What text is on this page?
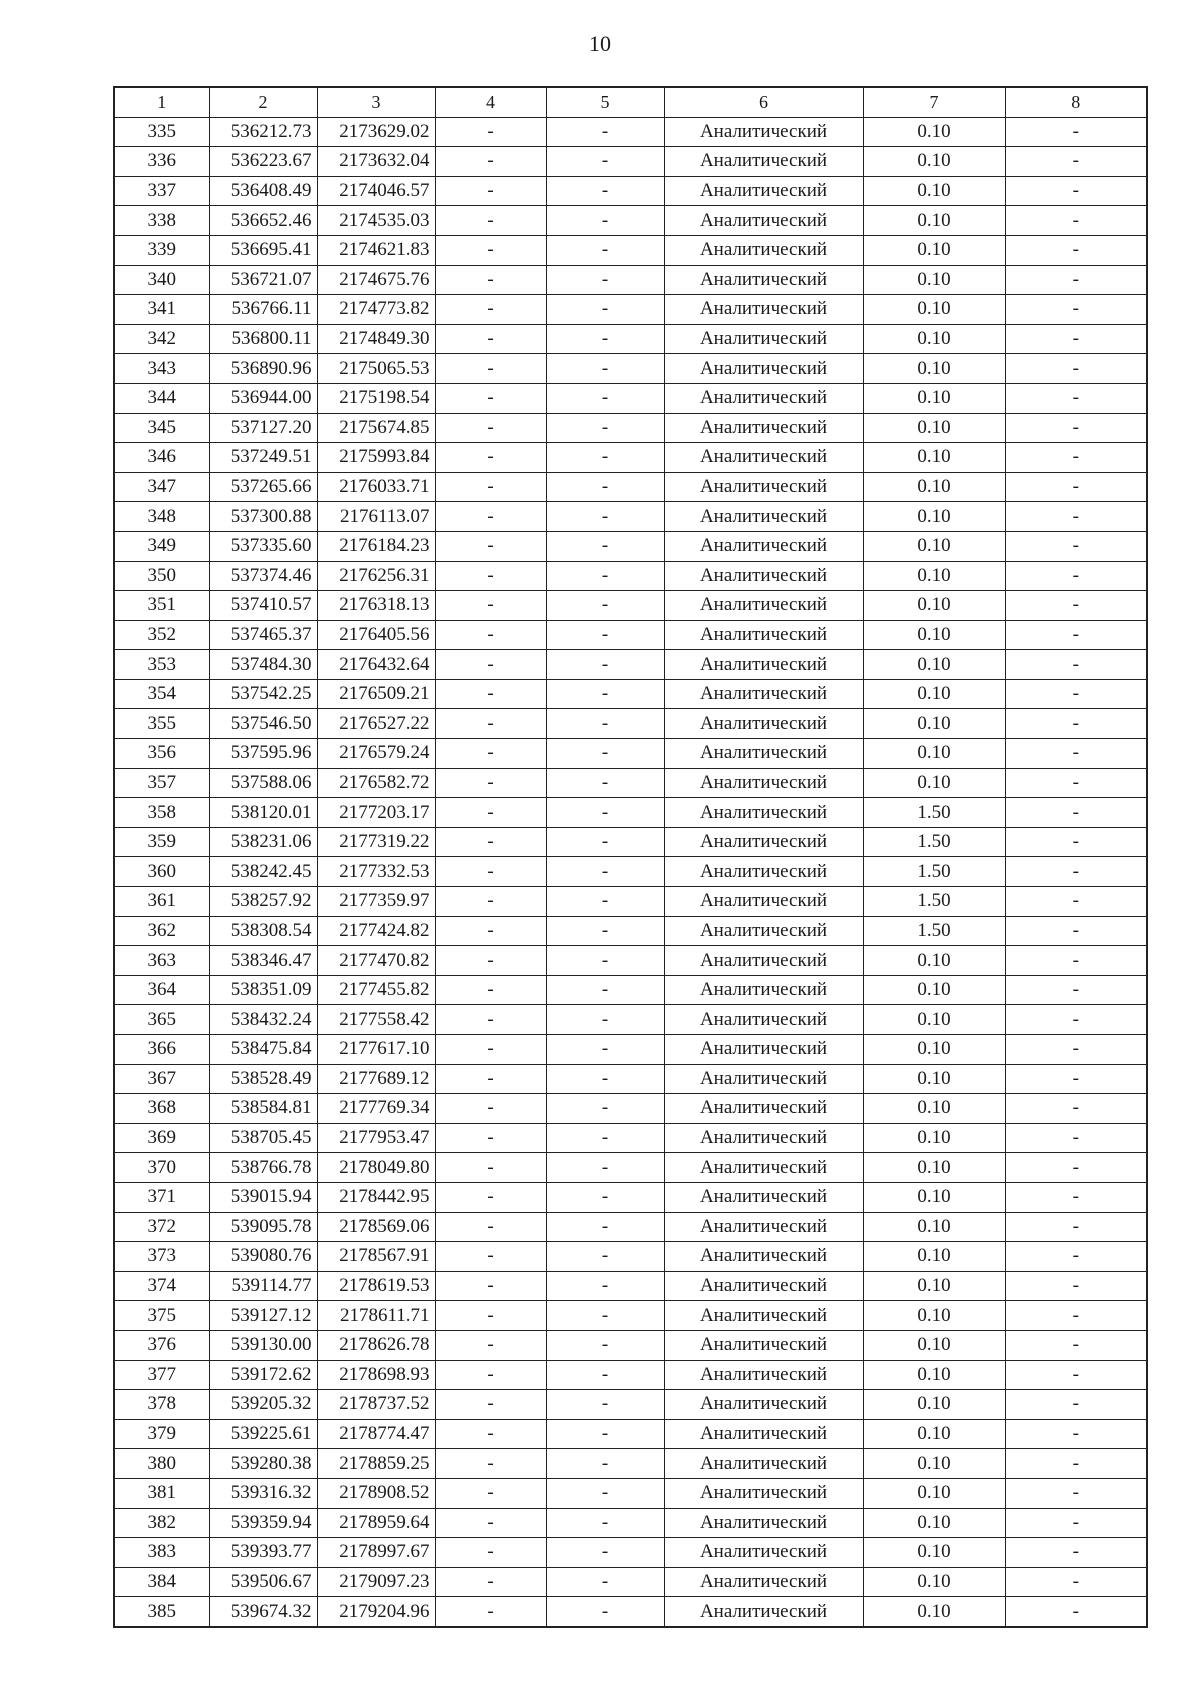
10
1	2	3	4	5	6	7	8
335	536212.73	2173629.02	-	-	Аналитический	0.10	-
336	536223.67	2173632.04	-	-	Аналитический	0.10	-
337	536408.49	2174046.57	-	-	Аналитический	0.10	-
338	536652.46	2174535.03	-	-	Аналитический	0.10	-
339	536695.41	2174621.83	-	-	Аналитический	0.10	-
340	536721.07	2174675.76	-	-	Аналитический	0.10	-
341	536766.11	2174773.82	-	-	Аналитический	0.10	-
342	536800.11	2174849.30	-	-	Аналитический	0.10	-
343	536890.96	2175065.53	-	-	Аналитический	0.10	-
344	536944.00	2175198.54	-	-	Аналитический	0.10	-
345	537127.20	2175674.85	-	-	Аналитический	0.10	-
346	537249.51	2175993.84	-	-	Аналитический	0.10	-
347	537265.66	2176033.71	-	-	Аналитический	0.10	-
348	537300.88	2176113.07	-	-	Аналитический	0.10	-
349	537335.60	2176184.23	-	-	Аналитический	0.10	-
350	537374.46	2176256.31	-	-	Аналитический	0.10	-
351	537410.57	2176318.13	-	-	Аналитический	0.10	-
352	537465.37	2176405.56	-	-	Аналитический	0.10	-
353	537484.30	2176432.64	-	-	Аналитический	0.10	-
354	537542.25	2176509.21	-	-	Аналитический	0.10	-
355	537546.50	2176527.22	-	-	Аналитический	0.10	-
356	537595.96	2176579.24	-	-	Аналитический	0.10	-
357	537588.06	2176582.72	-	-	Аналитический	0.10	-
358	538120.01	2177203.17	-	-	Аналитический	1.50	-
359	538231.06	2177319.22	-	-	Аналитический	1.50	-
360	538242.45	2177332.53	-	-	Аналитический	1.50	-
361	538257.92	2177359.97	-	-	Аналитический	1.50	-
362	538308.54	2177424.82	-	-	Аналитический	1.50	-
363	538346.47	2177470.82	-	-	Аналитический	0.10	-
364	538351.09	2177455.82	-	-	Аналитический	0.10	-
365	538432.24	2177558.42	-	-	Аналитический	0.10	-
366	538475.84	2177617.10	-	-	Аналитический	0.10	-
367	538528.49	2177689.12	-	-	Аналитический	0.10	-
368	538584.81	2177769.34	-	-	Аналитический	0.10	-
369	538705.45	2177953.47	-	-	Аналитический	0.10	-
370	538766.78	2178049.80	-	-	Аналитический	0.10	-
371	539015.94	2178442.95	-	-	Аналитический	0.10	-
372	539095.78	2178569.06	-	-	Аналитический	0.10	-
373	539080.76	2178567.91	-	-	Аналитический	0.10	-
374	539114.77	2178619.53	-	-	Аналитический	0.10	-
375	539127.12	2178611.71	-	-	Аналитический	0.10	-
376	539130.00	2178626.78	-	-	Аналитический	0.10	-
377	539172.62	2178698.93	-	-	Аналитический	0.10	-
378	539205.32	2178737.52	-	-	Аналитический	0.10	-
379	539225.61	2178774.47	-	-	Аналитический	0.10	-
380	539280.38	2178859.25	-	-	Аналитический	0.10	-
381	539316.32	2178908.52	-	-	Аналитический	0.10	-
382	539359.94	2178959.64	-	-	Аналитический	0.10	-
383	539393.77	2178997.67	-	-	Аналитический	0.10	-
384	539506.67	2179097.23	-	-	Аналитический	0.10	-
385	539674.32	2179204.96	-	-	Аналитический	0.10	-
